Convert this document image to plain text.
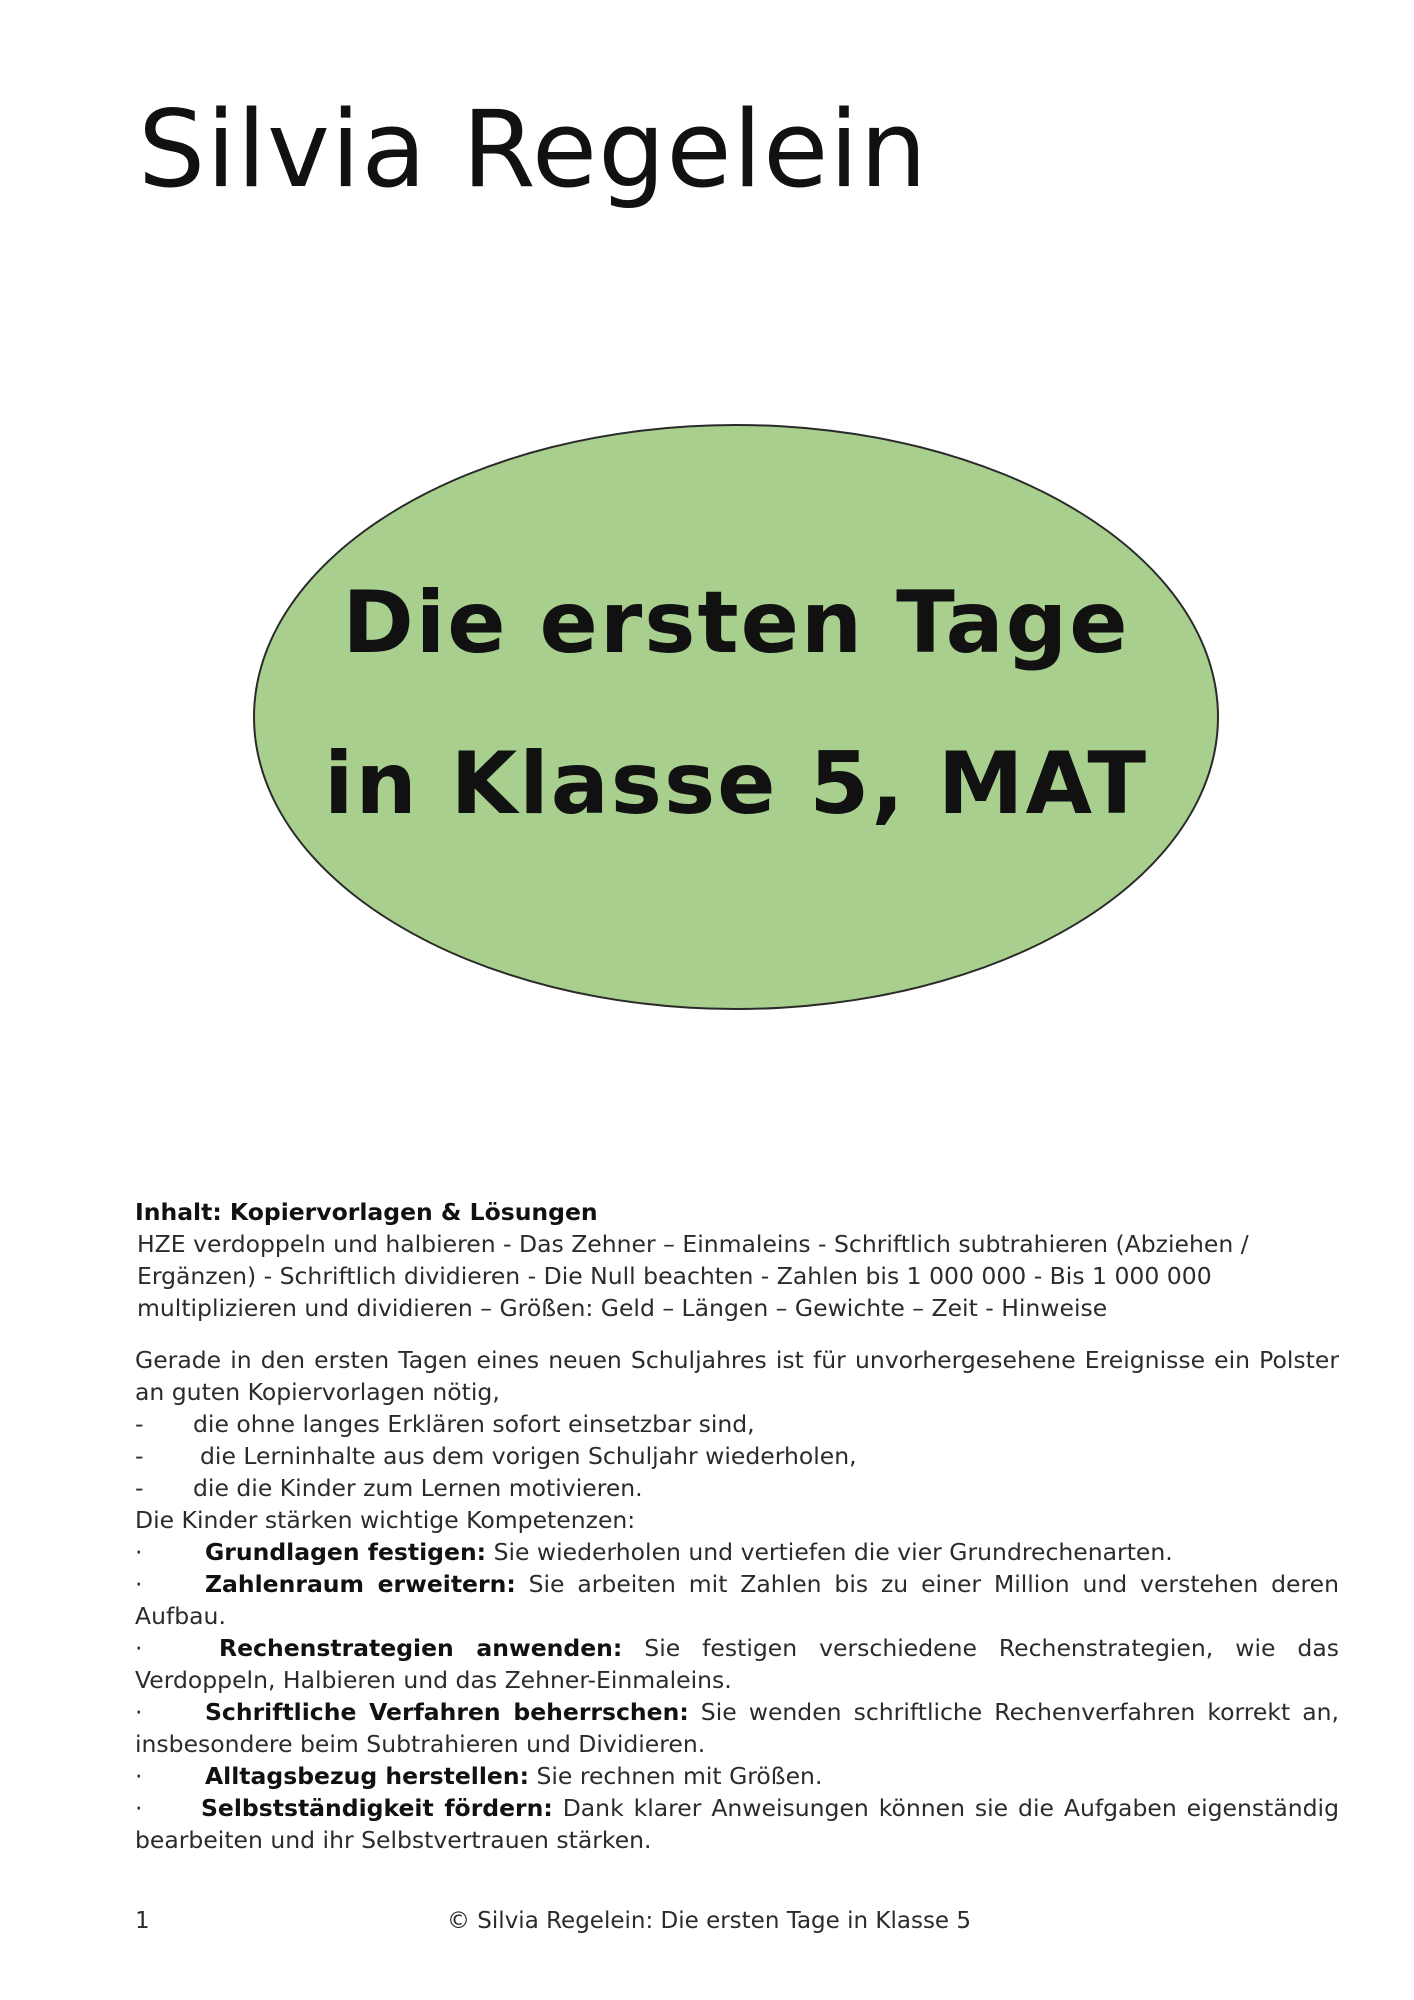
Silvia Regelein
Die ersten Tage
in Klasse 5, MAT
Inhalt: Kopiervorlagen & Lösungen
HZE verdoppeln und halbieren - Das Zehner – Einmaleins - Schriftlich subtrahieren (Abziehen /
Ergänzen) - Schriftlich dividieren - Die Null beachten - Zahlen bis 1 000 000 - Bis 1 000 000
multiplizieren und dividieren – Größen: Geld – Längen – Gewichte – Zeit - Hinweise
Gerade in den ersten Tagen eines neuen Schuljahres ist für unvorhergesehene Ereignisse ein Polster an guten Kopiervorlagen nötig,
-	die ohne langes Erklären sofort einsetzbar sind,
-	die Lerninhalte aus dem vorigen Schuljahr wiederholen,
-	die die Kinder zum Lernen motivieren.
Die Kinder stärken wichtige Kompetenzen:
·	Grundlagen festigen: Sie wiederholen und vertiefen die vier Grundrechenarten.
·	Zahlenraum erweitern: Sie arbeiten mit Zahlen bis zu einer Million und verstehen deren Aufbau.
·	Rechenstrategien anwenden: Sie festigen verschiedene Rechenstrategien, wie das Verdoppeln, Halbieren und das Zehner-Einmaleins.
·	Schriftliche Verfahren beherrschen: Sie wenden schriftliche Rechenverfahren korrekt an, insbesondere beim Subtrahieren und Dividieren.
·	Alltagsbezug herstellen: Sie rechnen mit Größen.
· Selbstständigkeit fördern: Dank klarer Anweisungen können sie die Aufgaben eigenständig bearbeiten und ihr Selbstvertrauen stärken.
1	© Silvia Regelein: Die ersten Tage in Klasse 5
